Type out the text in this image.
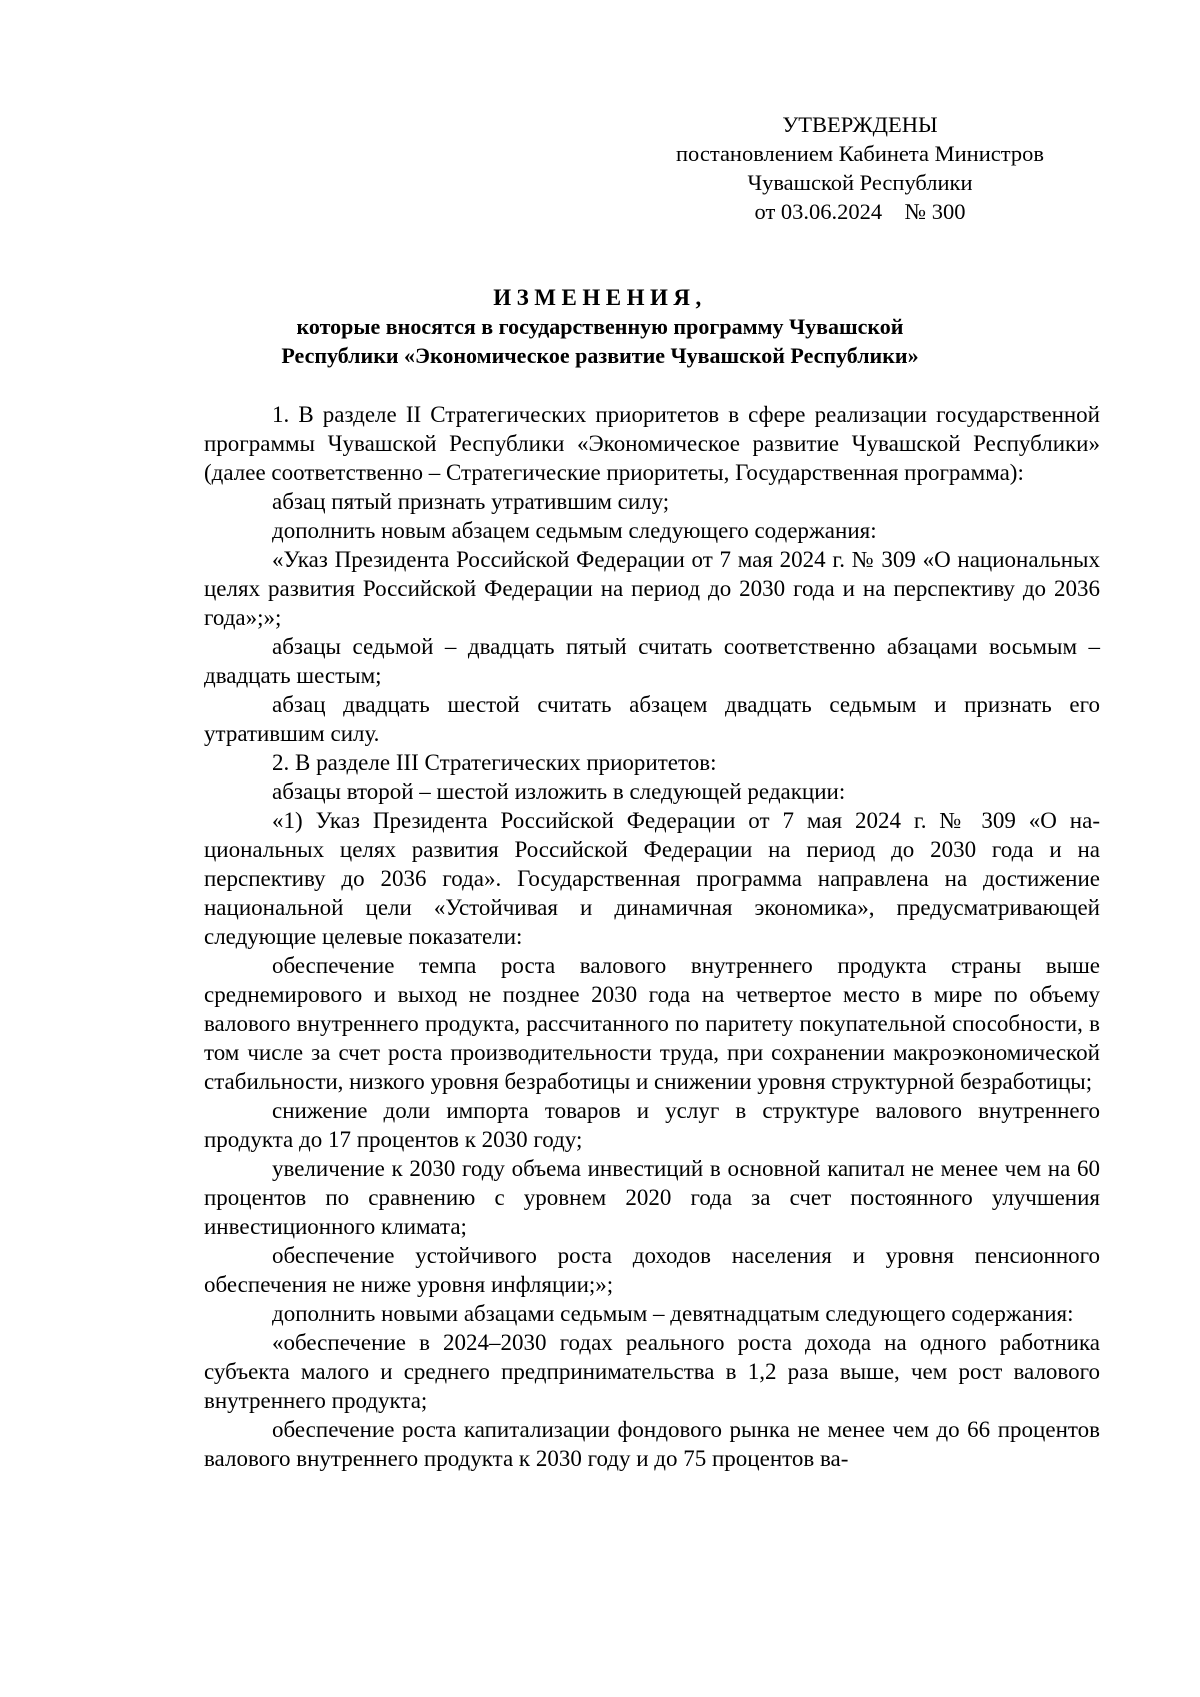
УТВЕРЖДЕНЫ
постановлением Кабинета Министров
Чувашской Республики
от 03.06.2024    № 300
ИЗМЕНЕНИЯ,
которые вносятся в государственную программу Чувашской
Республики «Экономическое развитие Чувашской Республики»

1. В разделе II Стратегических приоритетов в сфере реализации государственной программы Чувашской Республики «Экономическое развитие Чувашской Республики» (далее соответственно – Стратегические приоритеты, Государственная программа):

абзац пятый признать утратившим силу;

дополнить новым абзацем седьмым следующего содержания:

«Указ Президента Российской Федерации от 7 мая 2024 г. № 309 «О национальных целях развития Российской Федерации на период до 2030 года и на перспективу до 2036 года»;»;

абзацы седьмой – двадцать пятый считать соответственно абзацами восьмым – двадцать шестым;

абзац двадцать шестой считать абзацем двадцать седьмым и признать его утратившим силу.

2. В разделе III Стратегических приоритетов:

абзацы второй – шестой изложить в следующей редакции:

«1) Указ Президента Российской Федерации от 7 мая 2024 г. № 309 «О национальных целях развития Российской Федерации на период до 2030 года и на перспективу до 2036 года». Государственная программа направлена на достижение национальной цели «Устойчивая и динамичная экономика», предусматривающей следующие целевые показатели:

обеспечение темпа роста валового внутреннего продукта страны выше среднемирового и выход не позднее 2030 года на четвертое место в мире по объему валового внутреннего продукта, рассчитанного по паритету покупательной способности, в том числе за счет роста производительности труда, при сохранении макроэкономической стабильности, низкого уровня безработицы и снижении уровня структурной безработицы;

снижение доли импорта товаров и услуг в структуре валового внутреннего продукта до 17 процентов к 2030 году;

увеличение к 2030 году объема инвестиций в основной капитал не менее чем на 60 процентов по сравнению с уровнем 2020 года за счет постоянного улучшения инвестиционного климата;

обеспечение устойчивого роста доходов населения и уровня пенсионного обеспечения не ниже уровня инфляции;»;

дополнить новыми абзацами седьмым – девятнадцатым следующего содержания:

«обеспечение в 2024–2030 годах реального роста дохода на одного работника субъекта малого и среднего предпринимательства в 1,2 раза выше, чем рост валового внутреннего продукта;

обеспечение роста капитализации фондового рынка не менее чем до 66 процентов валового внутреннего продукта к 2030 году и до 75 процентов ва-
